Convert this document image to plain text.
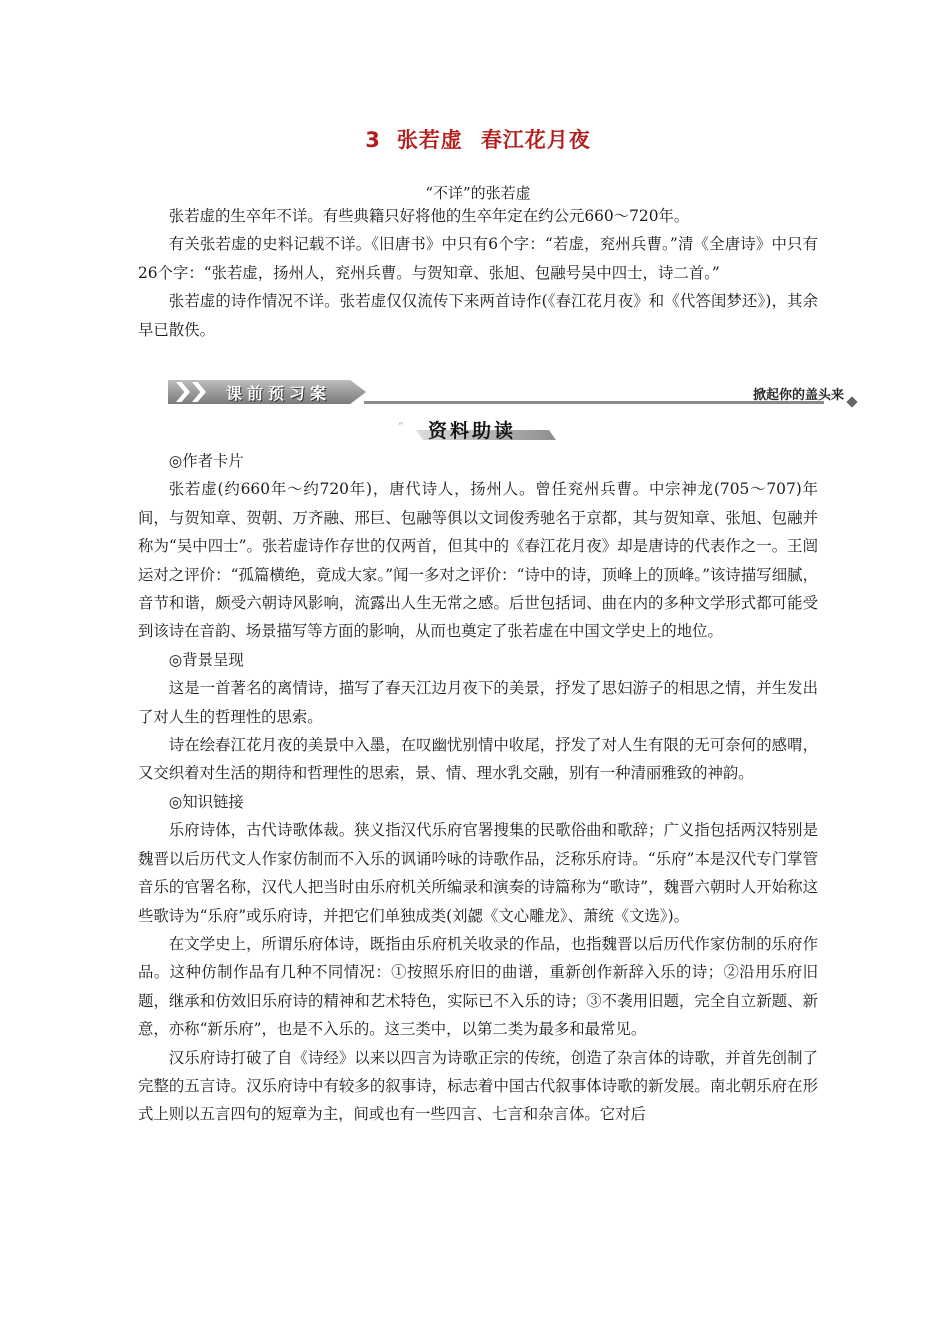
3 张若虚 春江花月夜
“不详”的张若虚

张若虚的生卒年不详。有些典籍只好将他的生卒年定在约公元660～720年。

有关张若虚的史料记载不详。《旧唐书》中只有6个字：“若虚，兖州兵曹。”清《全唐诗》中只有26个字：“张若虚，扬州人，兖州兵曹。与贺知章、张旭、包融号吴中四士，诗二首。”

张若虚的诗作情况不详。张若虚仅仅流传下来两首诗作(《春江花月夜》和《代答闺梦还》)，其余早已散佚。

课前预习案	掀起你的盖头来
“ 资料助读

◎作者卡片

张若虚(约660年～约720年)，唐代诗人，扬州人。曾任兖州兵曹。中宗神龙(705～707)年间，与贺知章、贺朝、万齐融、邢巨、包融等俱以文词俊秀驰名于京都，其与贺知章、张旭、包融并称为“吴中四士”。张若虚诗作存世的仅两首，但其中的《春江花月夜》却是唐诗的代表作之一。王闿运对之评价：“孤篇横绝，竟成大家。”闻一多对之评价：“诗中的诗，顶峰上的顶峰。”该诗描写细腻，音节和谐，颇受六朝诗风影响，流露出人生无常之感。后世包括词、曲在内的多种文学形式都可能受到该诗在音韵、场景描写等方面的影响，从而也奠定了张若虚在中国文学史上的地位。

◎背景呈现

这是一首著名的离情诗，描写了春天江边月夜下的美景，抒发了思妇游子的相思之情，并生发出了对人生的哲理性的思索。

诗在绘春江花月夜的美景中入墨，在叹幽忧别情中收尾，抒发了对人生有限的无可奈何的感喟，又交织着对生活的期待和哲理性的思索，景、情、理水乳交融，别有一种清丽雅致的神韵。

◎知识链接

乐府诗体，古代诗歌体裁。狭义指汉代乐府官署搜集的民歌俗曲和歌辞；广义指包括两汉特别是魏晋以后历代文人作家仿制而不入乐的讽诵吟咏的诗歌作品，泛称乐府诗。“乐府”本是汉代专门掌管音乐的官署名称，汉代人把当时由乐府机关所编录和演奏的诗篇称为“歌诗”，魏晋六朝时人开始称这些歌诗为“乐府”或乐府诗，并把它们单独成类(刘勰《文心雕龙》、萧统《文选》)。

在文学史上，所谓乐府体诗，既指由乐府机关收录的作品，也指魏晋以后历代作家仿制的乐府作品。这种仿制作品有几种不同情况：①按照乐府旧的曲谱，重新创作新辞入乐的诗；②沿用乐府旧题，继承和仿效旧乐府诗的精神和艺术特色，实际已不入乐的诗；③不袭用旧题，完全自立新题、新意，亦称“新乐府”，也是不入乐的。这三类中，以第二类为最多和最常见。

汉乐府诗打破了自《诗经》以来以四言为诗歌正宗的传统，创造了杂言体的诗歌，并首先创制了完整的五言诗。汉乐府诗中有较多的叙事诗，标志着中国古代叙事体诗歌的新发展。南北朝乐府在形式上则以五言四句的短章为主，间或也有一些四言、七言和杂言体。它对后
